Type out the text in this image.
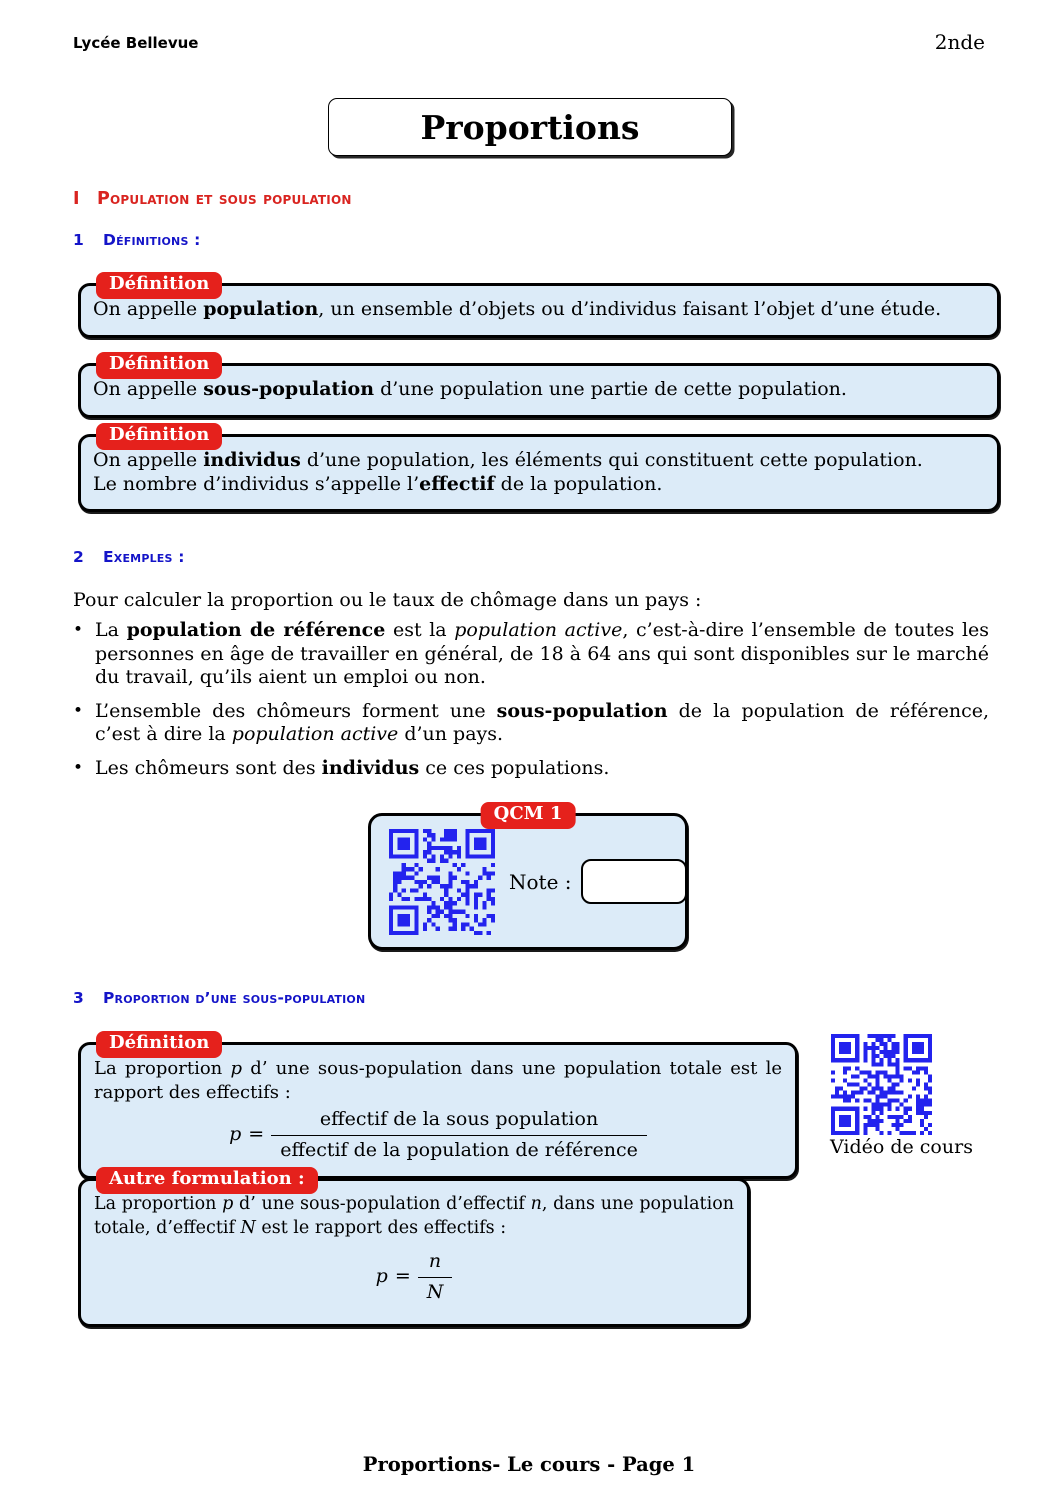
Lycée Bellevue	2nde
Proportions
I Population et sous population
1	Définitions :
Définition
On appelle population, un ensemble d’objets ou d’individus faisant l’objet d’une étude.
Définition
On appelle sous-population d’une population une partie de cette population.
Définition
On appelle individus d’une population, les éléments qui constituent cette population.
Le nombre d’individus s’appelle l’effectif de la population.
2	Exemples :
Pour calculer la proportion ou le taux de chômage dans un pays :
• La population de référence est la population active, c’est-à-dire l’ensemble de toutes les personnes en âge de travailler en général, de 18 à 64 ans qui sont disponibles sur le marché du travail, qu’ils aient un emploi ou non.
• L’ensemble des chômeurs forment une sous-population de la population de référence, c’est à dire la population active d’un pays.
• Les chômeurs sont des individus ce ces populations.
QCM 1
Note :
3	Proportion d’une sous-population
Définition
La proportion p d’ une sous-population dans une population totale est le rapport des effectifs :
$p = \frac{\text{effectif de la sous population}}{\text{effectif de la population de référence}}$	Vidéo de cours
Autre formulation :
La proportion p d’ une sous-population d’effectif n, dans une population totale, d’effectif N est le rapport des effectifs :
$p = \frac{n}{N}$
Proportions- Le cours - Page 1
